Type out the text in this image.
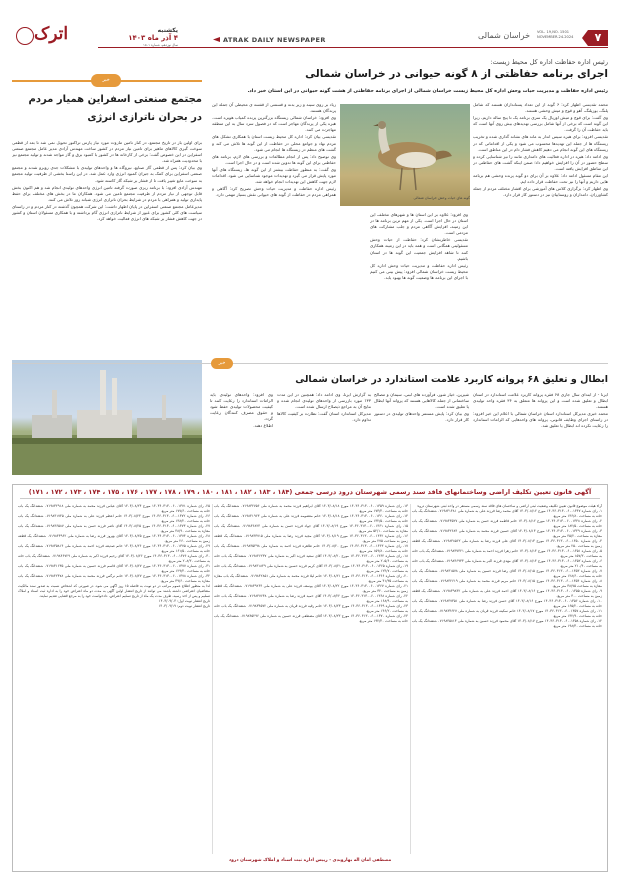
۷
خراسان شمالی	VOL. 19,NO. 1501
NOVEMBER.24.2024
ATRAK DAILY NEWSPAPER
یکشنبه
۴ آذر ماه ۱۴۰۳
سال نوزدهم، شماره ۱۵۰۱
اترک
خبر
مجتمع صنعتی اسفراین همیار مردم
در بحران ناترازی انرژی

برای اولین بار در تاریخ مجتمع، در کنار تامین مازوت مورد نیاز پارس تراکتور تحویل نمی شد تا بعد از قطعی سوخت گیری کالاهای ماهیر برای تامین نیاز مردم در کشور ساخت مهندس آزادی مدیر عامل مجتمع صنعتی اسفراین در این خصوص گفت: برخی از کارخانه ها در کشور با کمبود برق و گاز مواجه شدند و تولید مجتمع نیز با محدودیت همراه شد.

وی بیان کرد: پس از قطعی گاز صنایع، نیروگاه ها و واحدهای تولیدی با مشکلات جدی روبرو شدند و مجتمع صنعتی اسفراین برای کمک به جبران کمبود انرژی وارد عمل شد. در این راستا بخشی از ظرفیت تولید مجتمع به سوخت مایع تغییر یافت تا از فشار بر شبکه گاز کاسته شود.

مهندس آزادی افزود: با برنامه ریزی صورت گرفته تامین انرژی واحدهای تولیدی انجام شد و هم اکنون بخش قابل توجهی از نیاز مردم از ظرفیت مجتمع تامین می شود. همکاران ما در بخش های مختلف برای حفظ پایداری تولید و همراهی با مردم در شرایط بحران ناترازی انرژی شبانه روز تلاش می کنند.

مدیرعامل مجتمع صنعتی اسفراین در پایان اظهار داشت: این شرکت همچون گذشته در کنار مردم و در راستای سیاست های کلی کشور برای عبور از شرایط ناترازی انرژی گام برداشته و با همکاری مسئولان استان و کشور در جهت کاهش فشار بر شبکه های انرژی فعالیت خواهد کرد.

رئیس اداره حفاظت اداره کل محیط زیست:
اجرای برنامه حفاظتی از ۸ گونه حیوانی در خراسان شمالی
رئیس اداره حفاظت و مدیریت حیات وحش اداره کل محیط زیست خراسان شمالی از اجرای برنامه حفاظتی از هشت گونه حیوانی در این استان خبر داد.

محمد تقدیسی اظهار کرد: ۶ گونه از این تعداد پستانداران هستند که شامل پلنگ، یوزپلنگ، آهو و قوچ و میش وحشی هستند.

وی گفت: برای قوچ و میش اوریال یک سری برنامه یک تا پنج ساله داریم، زیرا این گونه است که برخی از آنها شامل بررسی تهدیدهای بیش روی آنها است که باید حفاظت آن را گرفت.

تقدیسی افزود: برای هبره سیس اندار به ماند های نشانه گذاری شده و تخریب زیستگاه ها از جمله این تهدیدها محسوب می شود و یکی از اقداماتی که در زیستگاه های این گونه انجام می دهیم کاهش فشار دام در این مناطق است.

وی ادامه داد: هبره در اداره فعالیت های دامداری مانند را نیز شناسایی کرده و سطح حضور در آن را افزایش خواهیم داد؛ ضمن اینکه گشت های حفاظتی در این مناطق افزایش یافته است.

این مقام مسئول ادامه داد: علاوه بر آن برای دو گونه پرنده وحشی هم برنامه هایی داریم و آنها را نیز تحت حفاظت قرار داده ایم.

وی اظهار کرد: برگزاری کلاس های آموزشی برای اقشار مختلف مردم از جمله کشاورزان، دامداران و روستاییان نیز در دستور کار قرار دارد.

وی افزود: علاوه بر این استان ها و شهرهای مختلف این استان در حال اجرا است. یکی از مهم ترین برنامه ها در این زمینه، افزایش آگاهی مردم و جلب مشارکت های مردمی است.

تقدیسی خاطرنشان کرد: حفاظت از حیات وحش مسئولیتی همگانی است و همه باید در این زمینه همکاری کنند تا شاهد افزایش جمعیت این گونه ها در استان باشیم.

رئیس اداره حفاظت و مدیریت حیات وحش اداره کل محیط زیست خراسان شمالی افزود: پیش بینی می کنیم با اجرای این برنامه ها وضعیت گونه ها بهبود یابد.

زیاد بر روی سینه و زیر بدنه و قسمتی از قفسه ی محیطی آن جمله این پرندگان هستند.

وی افزود: خراسان شمالی زیستگاه بزرگترین پرنده کمیاب هوبره است. هبره یکی از پرندگان مهاجر است که در فصول سرد سال به این منطقه مهاجرت می کنند.

تقدیسی بیان کرد: اداره کل محیط زیست استان با همکاری تشکل های مردم نهاد و جوامع محلی در حفاظت از این گونه ها تلاش می کند و گشت های منظم در زیستگاه ها انجام می شود.

وی توضیح داد: پس از انجام مطالعات و بررسی های لازم، برنامه های حفاظتی برای این گونه ها تدوین شده است و در حال اجرا است.

وی گفت: به منظور حفاظت بیشتر از این گونه ها، زیستگاه های آنها مورد پایش قرار می گیرد و تهدیدات موجود شناسایی می شود. اقدامات لازم جهت کاهش این تهدیدات انجام خواهد شد.

رئیس اداره حفاظت و مدیریت حیات وحش تصریح کرد: آگاهی و همراهی مردم در حفاظت از گونه های حیوانی نقش بسیار مهمی دارد.

گونه های حیات وحش خراسان شمالی
خبر
ابطال و تعلیق ۶۸ پروانه کاربرد علامت استاندارد در خراسان شمالی

ایرنا - از ابتدای سال جاری ۶۸ فقره پروانه کاربرد علامت استاندارد در استان ابطال و تعلیق شده است و این پروانه ها متعلق به ۳۶ فقره واحد تولیدی هستند.

محمد خبری مدیرکل استاندارد استان خراسان شمالی با اعلام این خبر افزود: در راستای اجرای وظایف قانونی، پروانه های واحدهایی که الزامات استاندارد را رعایت نکرده اند ابطال یا تعلیق شد.

شیرین، خیار شور، فرآورده های لبنی، سیمان و مصالح ساختمانی از جمله کالاهایی هستند که پروانه آنها ابطال یا تعلیق شده است.

وی بیان کرد: پایش مستمر واحدهای تولیدی در دستور کار قرار دارد.

به گزارش ایرنا، وی ادامه داد: همچنین در این مدت ۱۳۳ مورد بازرسی از واحدهای تولیدی انجام شده و نتایج آن به مراجع ذیصلاح ارسال شده است.

مدیرکل استاندارد استان گفت: نظارت بر کیفیت کالاها تداوم دارد.

وی افزود: واحدهای تولیدی باید الزامات استاندارد را رعایت کنند تا کیفیت محصولات تولیدی حفظ شود و حقوق مصرف کنندگان رعایت گردد.

اطلاع دهند.

آگهی قانون تعیین تکلیف اراضی وساختمانهای فاقد سند رسمی شهرستان درود درسی جمعی (۱۸۴ ، ۱۸۳ ، ۱۸۲ ، ۱۸۱ ، ۱۸۰ ، ۱۷۹ ، ۱۷۸ ، ۱۷۷ ، ۱۷۶ ، ۱۷۵ ، ۱۷۴ ، ۱۷۳ ، ۱۷۲ ، ۱۷۱)

آراء هیئت موضوع قانون تعیین تکلیف وضعیت ثبتی اراضی و ساختمان های فاقد سند رسمی مستقر در واحد ثبتی شهرستان درود:

۱- رای شماره ۱۴۰۳۶۰۳۱۳۰۰۶۰۰۱۳۴۷ مورخ ۱۴۰۳/۰۸/۱۲ آقای محمد رضا فرزند علی به شماره ملی ۰۷۱۹۸۴۱۴۸۱ ششدانگ یک باب خانه به مساحت ۱۳۶/۸۰ متر مربع.

۲- رای شماره ۱۴۰۳۶۰۳۱۳۰۰۶۰۰۱۳۴۸ مورخ ۱۴۰۳/۰۸/۱۲ خانم فاطمه فرزند حسن به شماره ملی ۰۷۱۹۸۴۳۵۲۷ ششدانگ یک باب خانه به مساحت ۱۸۲/۵۰ متر مربع.

۳- رای شماره ۱۴۰۳۶۰۳۱۳۰۰۶۰۰۱۳۴۹ مورخ ۱۴۰۳/۰۸/۱۳ آقای حسین فرزند محمد به شماره ملی ۰۷۱۹۸۳۲۶۸۴ ششدانگ یک باب مغازه به مساحت ۴۵/۲۰ متر مربع.

۴- رای شماره ۱۴۰۳۶۰۳۱۳۰۰۶۰۰۱۳۵۰ مورخ ۱۴۰۳/۰۸/۱۳ آقای علی فرزند رضا به شماره ملی ۰۷۱۹۸۴۸۵۶۲ ششدانگ یک قطعه زمین به مساحت ۲۵۰ متر مربع.

۵- رای شماره ۱۴۰۳۶۰۳۱۳۰۰۶۰۰۱۳۵۱ مورخ ۱۴۰۳/۰۸/۱۴ خانم زهرا فرزند احمد به شماره ملی ۰۷۱۹۸۳۷۴۲۱ ششدانگ یک باب خانه به مساحت ۱۵۷/۳۰ متر مربع.

۶- رای شماره ۱۴۰۳۶۰۳۱۳۰۰۶۰۰۱۳۵۲ مورخ ۱۴۰۳/۰۸/۱۴ آقای مهدی فرزند اکبر به شماره ملی ۰۷۱۹۸۴۶۹۳۳ ششدانگ یک باب خانه به مساحت ۲۱۰/۴۰ متر مربع.

۷- رای شماره ۱۴۰۳۶۰۳۱۳۰۰۶۰۰۱۳۵۳ مورخ ۱۴۰۳/۰۸/۱۵ آقای رضا فرزند حسین به شماره ملی ۰۷۱۹۸۳۱۵۷۸ ششدانگ یک باب خانه به مساحت ۱۲۸/۶۰ متر مربع.

۸- رای شماره ۱۴۰۳۶۰۳۱۳۰۰۶۰۰۱۳۵۴ مورخ ۱۴۰۳/۰۸/۱۵ خانم مریم فرزند محمد به شماره ملی ۰۷۱۹۸۴۲۶۱۹ ششدانگ یک باب مغازه به مساحت ۳۸/۷۵ متر مربع.

۹- رای شماره ۱۴۰۳۶۰۳۱۳۰۰۶۰۰۱۳۵۵ مورخ ۱۴۰۳/۰۸/۱۶ آقای احمد فرزند علی به شماره ملی ۰۷۱۹۸۳۹۸۴۲ ششدانگ یک قطعه زمین به مساحت ۳۰۰ متر مربع.

۱۰- رای شماره ۱۴۰۳۶۰۳۱۳۰۰۶۰۰۱۳۵۶ مورخ ۱۴۰۳/۰۸/۱۶ آقای حسن فرزند رضا به شماره ملی ۰۷۱۹۸۴۷۳۵۱ ششدانگ یک باب خانه به مساحت ۱۶۵/۲۰ متر مربع.

۱۱- رای شماره ۱۴۰۳۶۰۳۱۳۰۰۶۰۰۱۳۵۷ مورخ ۱۴۰۳/۰۸/۱۷ خانم سکینه فرزند قربان به شماره ملی ۰۷۱۹۸۳۴۶۲۷ ششدانگ یک باب خانه به مساحت ۱۴۲/۹۰ متر مربع.

۱۲- رای شماره ۱۴۰۳۶۰۳۱۳۰۰۶۰۰۱۳۵۸ مورخ ۱۴۰۳/۰۸/۱۷ آقای محمود فرزند حسین به شماره ملی ۰۷۱۹۸۴۵۸۱۳ ششدانگ یک باب خانه به مساحت ۱۹۸/۳۰ متر مربع.

۱۳- رای شماره ۱۴۰۳۶۰۳۱۳۰۰۶۰۰۱۳۵۹ مورخ ۱۴۰۳/۰۸/۱۸ آقای ابراهیم فرزند محمد به شماره ملی ۰۷۱۹۸۳۲۷۵۶ ششدانگ یک باب خانه به مساحت ۱۷۳/۴۰ متر مربع.

۱۴- رای شماره ۱۴۰۳۶۰۳۱۳۰۰۶۰۰۱۳۶۰ مورخ ۱۴۰۳/۰۸/۱۸ خانم معصومه فرزند علی به شماره ملی ۰۷۱۹۸۴۱۹۶۳ ششدانگ یک باب خانه به مساحت ۱۳۲/۵۰ متر مربع.

۱۵- رای شماره ۱۴۰۳۶۰۳۱۳۰۰۶۰۰۱۳۶۱ مورخ ۱۴۰۳/۰۸/۱۹ آقای جواد فرزند حسن به شماره ملی ۰۷۱۹۸۳۶۸۲۴ ششدانگ یک باب مغازه به مساحت ۵۲/۱۰ متر مربع.

۱۶- رای شماره ۱۴۰۳۶۰۳۱۳۰۰۶۰۰۱۳۶۲ مورخ ۱۴۰۳/۰۸/۱۹ آقای مجید فرزند رضا به شماره ملی ۰۷۱۹۸۴۳۷۱۵ ششدانگ یک قطعه زمین به مساحت ۲۷۵ متر مربع.

۱۷- رای شماره ۱۴۰۳۶۰۳۱۳۰۰۶۰۰۱۳۶۳ مورخ ۱۴۰۳/۰۸/۲۰ خانم طاهره فرزند احمد به شماره ملی ۰۷۱۹۸۳۵۴۹۸ ششدانگ یک باب خانه به مساحت ۱۵۹/۸۰ متر مربع.

۱۸- رای شماره ۱۴۰۳۶۰۳۱۳۰۰۶۰۰۱۳۶۴ مورخ ۱۴۰۳/۰۸/۲۰ آقای سعید فرزند اکبر به شماره ملی ۰۷۱۹۸۴۶۲۳۷ ششدانگ یک باب خانه به مساحت ۲۰۵/۶۰ متر مربع.

۱۹- رای شماره ۱۴۰۳۶۰۳۱۳۰۰۶۰۰۱۳۶۵ مورخ ۱۴۰۳/۰۸/۲۱ آقای کریم فرزند حسین به شماره ملی ۰۷۱۹۸۳۱۸۴۹ ششدانگ یک باب خانه به مساحت ۱۲۴/۷۰ متر مربع.

۲۰- رای شماره ۱۴۰۳۶۰۳۱۳۰۰۶۰۰۱۳۶۶ مورخ ۱۴۰۳/۰۸/۲۱ خانم لیلا فرزند محمد به شماره ملی ۰۷۱۹۸۴۲۸۵۱ ششدانگ یک باب مغازه به مساحت ۴۱/۳۵ متر مربع.

۲۱- رای شماره ۱۴۰۳۶۰۳۱۳۰۰۶۰۰۱۳۶۷ مورخ ۱۴۰۳/۰۸/۲۲ آقای یوسف فرزند علی به شماره ملی ۰۷۱۹۸۳۹۲۶۴ ششدانگ یک قطعه زمین به مساحت ۳۲۰ متر مربع.

۲۲- رای شماره ۱۴۰۳۶۰۳۱۳۰۰۶۰۰۱۳۶۸ مورخ ۱۴۰۳/۰۸/۲۲ آقای حمید فرزند رضا به شماره ملی ۰۷۱۹۸۴۷۶۳۸ ششدانگ یک باب خانه به مساحت ۱۶۸/۹۰ متر مربع.

۲۳- رای شماره ۱۴۰۳۶۰۳۱۳۰۰۶۰۰۱۳۶۹ مورخ ۱۴۰۳/۰۸/۲۳ خانم رقیه فرزند قربان به شماره ملی ۰۷۱۹۸۳۴۵۷۲ ششدانگ یک باب خانه به مساحت ۱۴۶/۲۰ متر مربع.

۲۴- رای شماره ۱۴۰۳۶۰۳۱۳۰۰۶۰۰۱۳۷۰ مورخ ۱۴۰۳/۰۸/۲۳ آقای مصطفی فرزند حسین به شماره ملی ۰۷۱۹۸۴۵۲۹۶ ششدانگ یک باب خانه به مساحت ۱۹۲/۴۰ متر مربع.

۲۵- رای شماره ۱۴۰۳۶۰۳۱۳۰۰۶۰۰۱۳۷۱ مورخ ۱۴۰۳/۰۸/۲۴ آقای عباس فرزند محمد به شماره ملی ۰۷۱۹۸۳۲۹۱۸ ششدانگ یک باب خانه به مساحت ۱۷۷/۶۰ متر مربع.

۲۶- رای شماره ۱۴۰۳۶۰۳۱۳۰۰۶۰۰۱۳۷۲ مورخ ۱۴۰۳/۰۸/۲۴ خانم اعظم فرزند علی به شماره ملی ۰۷۱۹۸۴۱۷۴۵ ششدانگ یک باب خانه به مساحت ۱۳۸/۲۰ متر مربع.

۲۷- رای شماره ۱۴۰۳۶۰۳۱۳۰۰۶۰۰۱۳۷۳ مورخ ۱۴۰۳/۰۸/۲۵ آقای ناصر فرزند حسن به شماره ملی ۰۷۱۹۸۳۶۵۸۷ ششدانگ یک باب مغازه به مساحت ۴۸/۹۰ متر مربع.

۲۸- رای شماره ۱۴۰۳۶۰۳۱۳۰۰۶۰۰۱۳۷۴ مورخ ۱۴۰۳/۰۸/۲۵ آقای بهروز فرزند رضا به شماره ملی ۰۷۱۹۸۴۳۹۶۲ ششدانگ یک قطعه زمین به مساحت ۲۶۰ متر مربع.

۲۹- رای شماره ۱۴۰۳۶۰۳۱۳۰۰۶۰۰۱۳۷۵ مورخ ۱۴۰۳/۰۸/۲۶ خانم صدیقه فرزند احمد به شماره ملی ۰۷۱۹۸۳۵۸۱۴ ششدانگ یک باب خانه به مساحت ۱۶۱/۵۰ متر مربع.

۳۰- رای شماره ۱۴۰۳۶۰۳۱۳۰۰۶۰۰۱۳۷۶ مورخ ۱۴۰۳/۰۸/۲۶ آقای رحیم فرزند اکبر به شماره ملی ۰۷۱۹۸۴۶۷۲۹ ششدانگ یک باب خانه به مساحت ۲۰۸/۳۰ متر مربع.

۳۱- رای شماره ۱۴۰۳۶۰۳۱۳۰۰۶۰۰۱۳۷۷ مورخ ۱۴۰۳/۰۸/۲۷ آقای قاسم فرزند حسین به شماره ملی ۰۷۱۹۸۳۱۶۳۵ ششدانگ یک باب خانه به مساحت ۱۲۹/۴۰ متر مربع.

۳۲- رای شماره ۱۴۰۳۶۰۳۱۳۰۰۶۰۰۱۳۷۸ مورخ ۱۴۰۳/۰۸/۲۷ خانم نرگس فرزند محمد به شماره ملی ۰۷۱۹۸۴۲۴۷۸ ششدانگ یک باب مغازه به مساحت ۳۹/۶۰ متر مربع.

لذا به منظور اطلاع عموم مراتب در دو نوبت به فاصله ۱۵ روز آگهی می شود. در صورتی که اشخاص نسبت به صدور سند مالکیت متقاضیان اعتراضی داشته باشند می توانند از تاریخ انتشار اولین آگهی به مدت دو ماه اعتراض خود را به اداره ثبت اسناد و املاک تسلیم و پس از اخذ رسید، ظرف مدت یک ماه از تاریخ تسلیم اعتراض، دادخواست خود را به مرجع قضایی تقدیم نمایند.

تاریخ انتشار نوبت اول: ۱۴۰۳/۰۹/۰۴

تاریخ انتشار نوبت دوم: ۱۴۰۳/۰۹/۱۹

مصطفی امان اله بهاروندی - رییس اداره ثبت اسناد و املاک شهرستان درود
